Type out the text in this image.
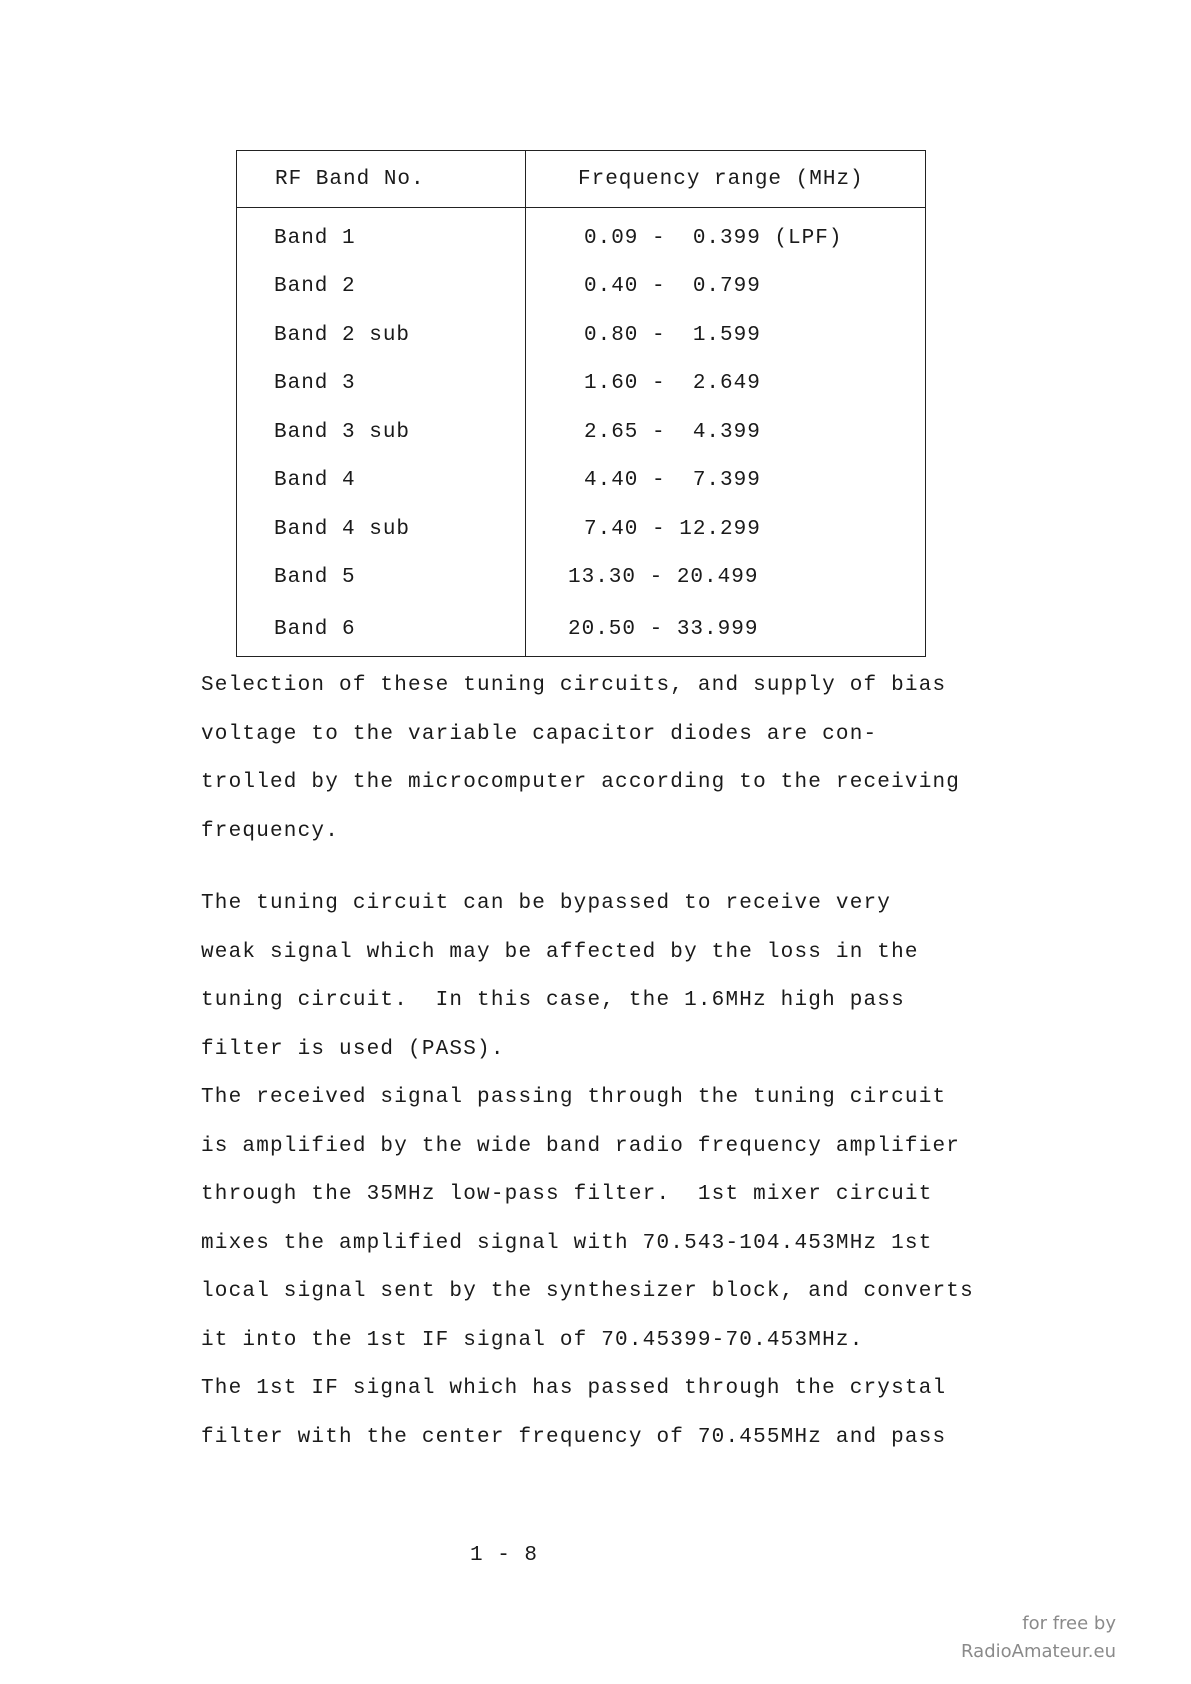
RF Band No.	Frequency range (MHz)
Band 1	0.09 -  0.399 (LPF)
Band 2	0.40 -  0.799
Band 2 sub	0.80 -  1.599
Band 3	1.60 -  2.649
Band 3 sub	2.65 -  4.399
Band 4	4.40 -  7.399
Band 4 sub	7.40 - 12.299
Band 5	13.30 - 20.499
Band 6	20.50 - 33.999

Selection of these tuning circuits, and supply of bias
voltage to the variable capacitor diodes are con-
trolled by the microcomputer according to the receiving
frequency.

The tuning circuit can be bypassed to receive very
weak signal which may be affected by the loss in the
tuning circuit.  In this case, the 1.6MHz high pass
filter is used (PASS).
The received signal passing through the tuning circuit
is amplified by the wide band radio frequency amplifier
through the 35MHz low-pass filter.  1st mixer circuit
mixes the amplified signal with 70.543-104.453MHz 1st
local signal sent by the synthesizer block, and converts
it into the 1st IF signal of 70.45399-70.453MHz.
The 1st IF signal which has passed through the crystal
filter with the center frequency of 70.455MHz and pass

1 - 8
for free by
RadioAmateur.eu
